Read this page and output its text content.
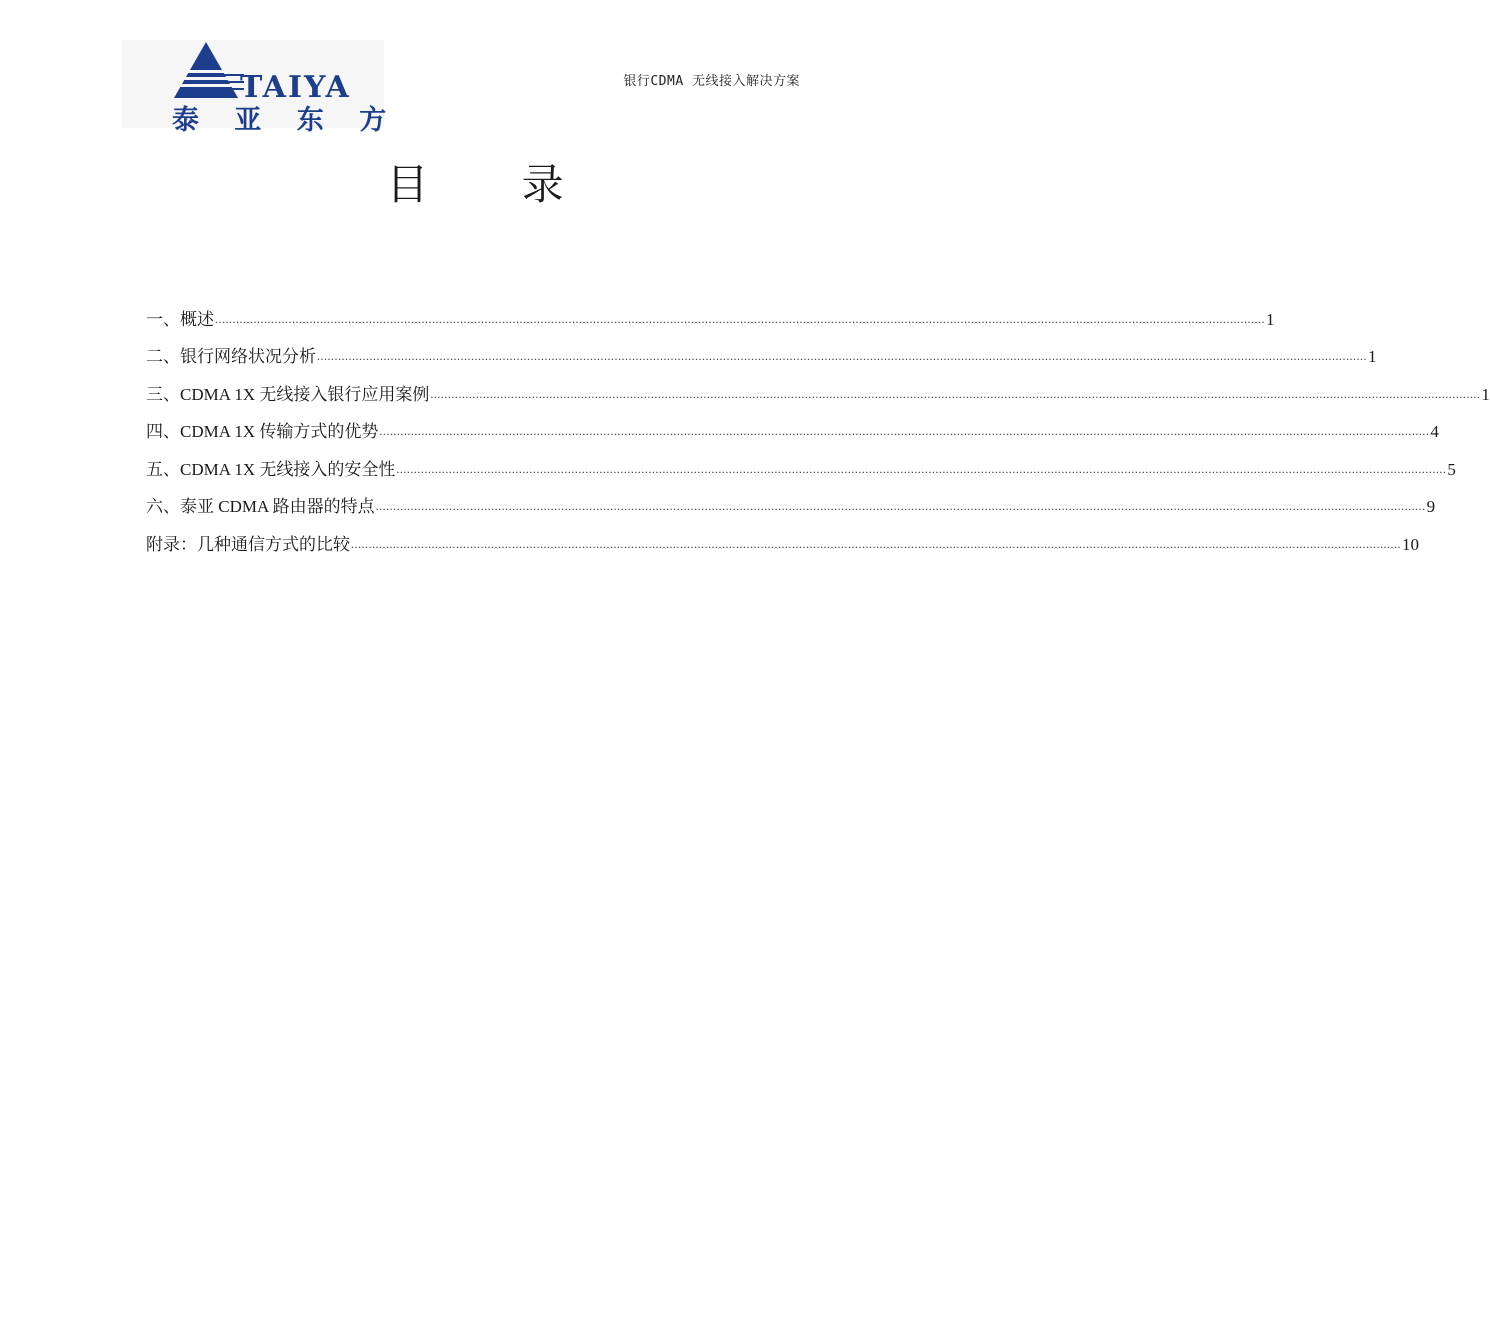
TAIYA
泰 亚 东 方
银行CDMA 无线接入解决方案
目 录
一、概述 ............................................................................................................................................................................................................................................................................................................ 1
二、银行网络状况分析 ............................................................................................................................................................................................................................................................................................................ 1
三、CDMA 1X 无线接入银行应用案例 ............................................................................................................................................................................................................................................................................................................ 1
四、CDMA 1X 传输方式的优势 ............................................................................................................................................................................................................................................................................................................ 4
五、CDMA 1X 无线接入的安全性 ............................................................................................................................................................................................................................................................................................................ 5
六、泰亚 CDMA 路由器的特点 ............................................................................................................................................................................................................................................................................................................ 9
附录：几种通信方式的比较 ............................................................................................................................................................................................................................................................................................................ 10
